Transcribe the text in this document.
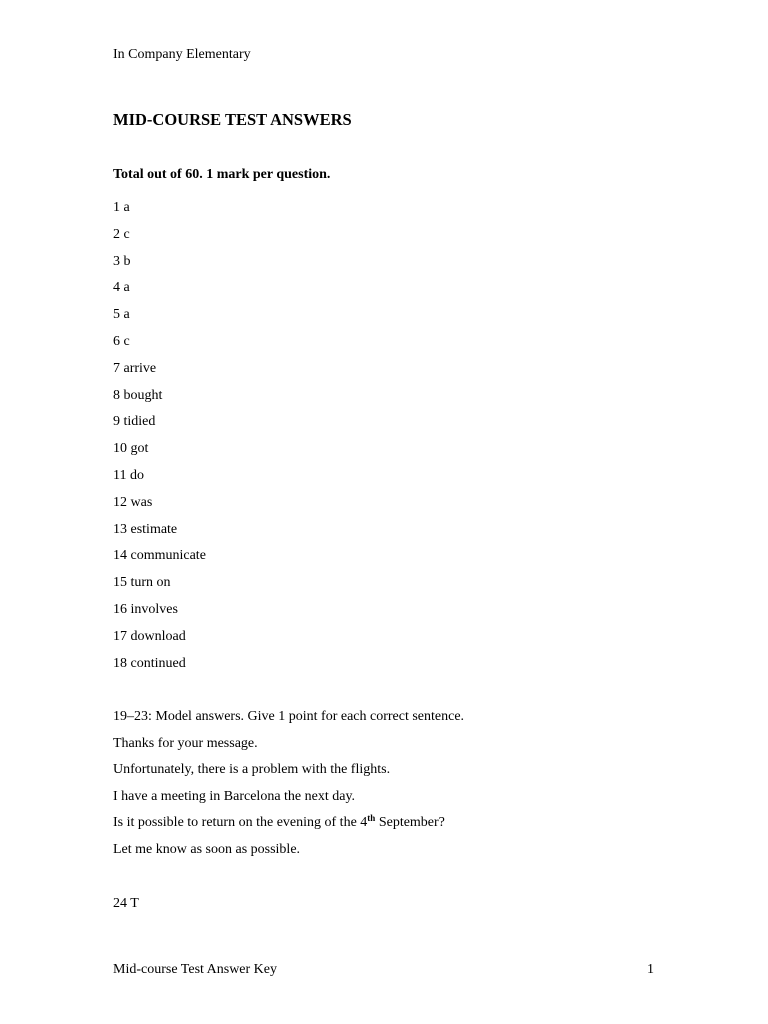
In Company Elementary
MID-COURSE TEST ANSWERS
Total out of 60. 1 mark per question.
1 a
2 c
3 b
4 a
5 a
6 c
7 arrive
8 bought
9 tidied
10 got
11 do
12 was
13 estimate
14 communicate
15 turn on
16 involves
17 download
18 continued
19–23: Model answers. Give 1 point for each correct sentence.
Thanks for your message.
Unfortunately, there is a problem with the flights.
I have a meeting in Barcelona the next day.
Is it possible to return on the evening of the 4th September?
Let me know as soon as possible.
24 T
Mid-course Test Answer Key	1
